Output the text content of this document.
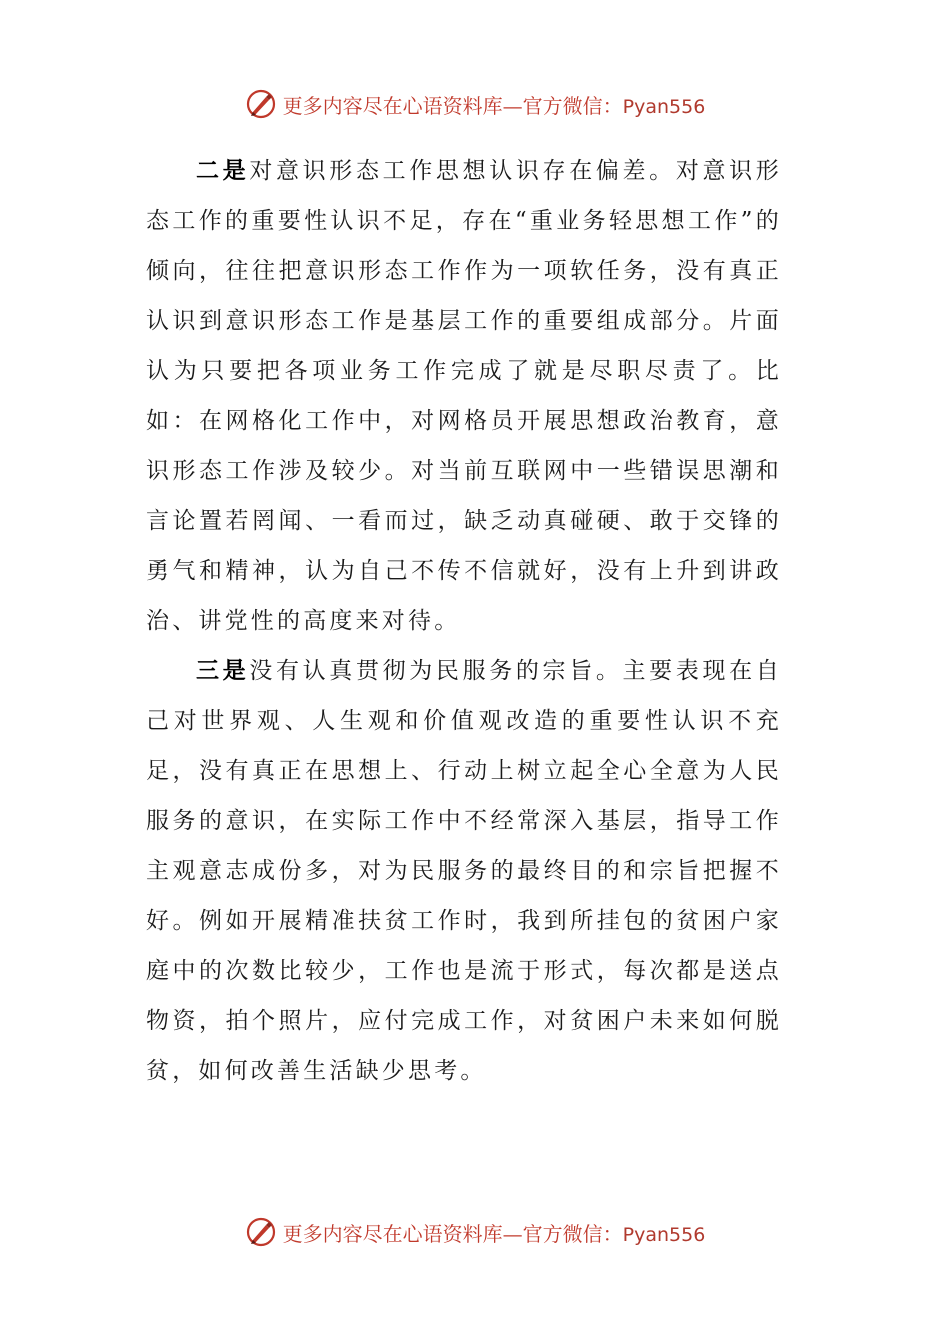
更多内容尽在心语资料库—官方微信：Pyan556

二是对意识形态工作思想认识存在偏差。对意识形态工作的重要性认识不足，存在“重业务轻思想工作”的倾向，往往把意识形态工作作为一项软任务，没有真正认识到意识形态工作是基层工作的重要组成部分。片面认为只要把各项业务工作完成了就是尽职尽责了。比如：在网格化工作中，对网格员开展思想政治教育，意识形态工作涉及较少。对当前互联网中一些错误思潮和言论置若罔闻、一看而过，缺乏动真碰硬、敢于交锋的勇气和精神，认为自己不传不信就好，没有上升到讲政治、讲党性的高度来对待。

三是没有认真贯彻为民服务的宗旨。主要表现在自己对世界观、人生观和价值观改造的重要性认识不充足，没有真正在思想上、行动上树立起全心全意为人民服务的意识，在实际工作中不经常深入基层，指导工作主观意志成份多，对为民服务的最终目的和宗旨把握不好。例如开展精准扶贫工作时，我到所挂包的贫困户家庭中的次数比较少，工作也是流于形式，每次都是送点物资，拍个照片，应付完成工作，对贫困户未来如何脱贫，如何改善生活缺少思考。

更多内容尽在心语资料库—官方微信：Pyan556
